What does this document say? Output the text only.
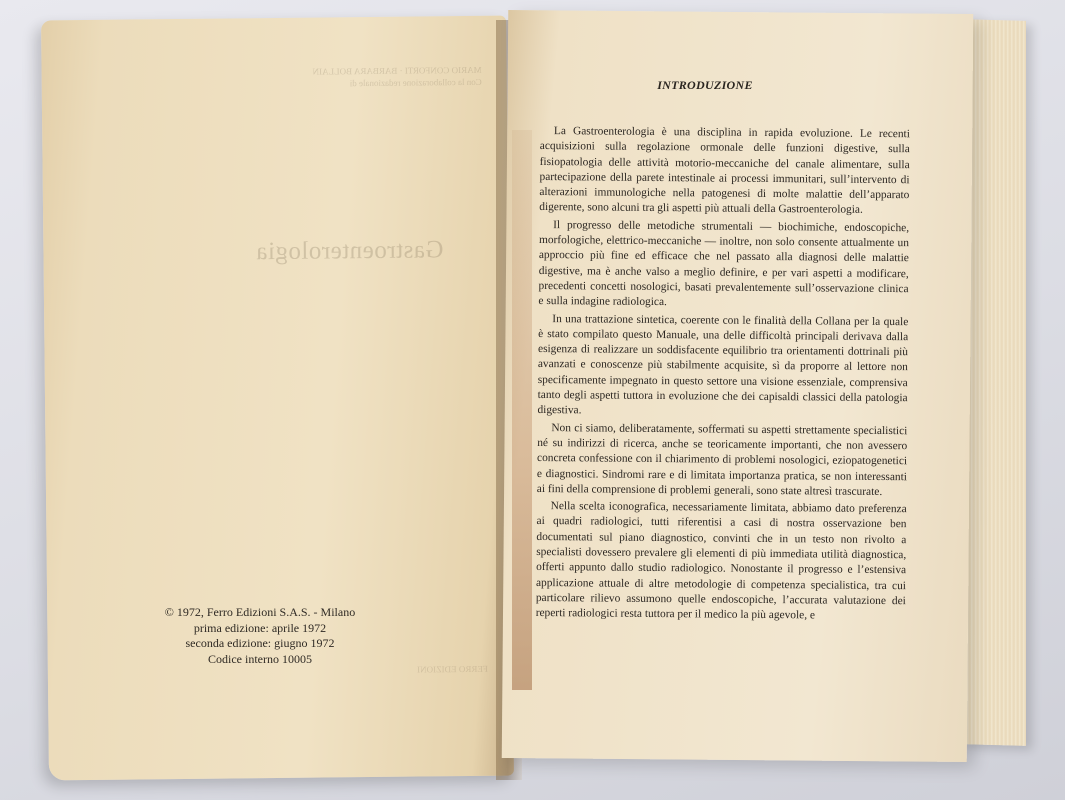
MARIO CONFORTI · BARBARA BOLLAIN
Con la collaborazione redazionale di
Gastroenterologia
FERRO EDIZIONI
© 1972, Ferro Edizioni S.A.S. - Milano
prima edizione: aprile 1972
seconda edizione: giugno 1972
Codice interno 10005
INTRODUZIONE

La Gastroenterologia è una disciplina in rapida evoluzione. Le recenti acquisizioni sulla regolazione ormonale delle funzioni digestive, sulla fisiopatologia delle attività motorio-meccaniche del canale alimentare, sulla partecipazione della parete intestinale ai processi immunitari, sull’intervento di alterazioni immunologiche nella patogenesi di molte malattie dell’apparato digerente, sono alcuni tra gli aspetti più attuali della Gastroenterologia.

Il progresso delle metodiche strumentali — biochimiche, endoscopiche, morfologiche, elettrico-meccaniche — inoltre, non solo consente attualmente un approccio più fine ed efficace che nel passato alla diagnosi delle malattie digestive, ma è anche valso a meglio definire, e per vari aspetti a modificare, precedenti concetti nosologici, basati prevalentemente sull’osservazione clinica e sulla indagine radiologica.

In una trattazione sintetica, coerente con le finalità della Collana per la quale è stato compilato questo Manuale, una delle difficoltà principali derivava dalla esigenza di realizzare un soddisfacente equilibrio tra orientamenti dottrinali più avanzati e conoscenze più stabilmente acquisite, sì da proporre al lettore non specificamente impegnato in questo settore una visione essenziale, comprensiva tanto degli aspetti tuttora in evoluzione che dei capisaldi classici della patologia digestiva.

Non ci siamo, deliberatamente, soffermati su aspetti strettamente specialistici né su indirizzi di ricerca, anche se teoricamente importanti, che non avessero concreta confessione con il chiarimento di problemi nosologici, eziopatogenetici e diagnostici. Sindromi rare e di limitata importanza pratica, se non interessanti ai fini della comprensione di problemi generali, sono state altresì trascurate.

Nella scelta iconografica, necessariamente limitata, abbiamo dato preferenza ai quadri radiologici, tutti riferentisi a casi di nostra osservazione ben documentati sul piano diagnostico, convinti che in un testo non rivolto a specialisti dovessero prevalere gli elementi di più immediata utilità diagnostica, offerti appunto dallo studio radiologico. Nonostante il progresso e l’estensiva applicazione attuale di altre metodologie di competenza specialistica, tra cui particolare rilievo assumono quelle endoscopiche, l’accurata valutazione dei reperti radiologici resta tuttora per il medico la più agevole, e
